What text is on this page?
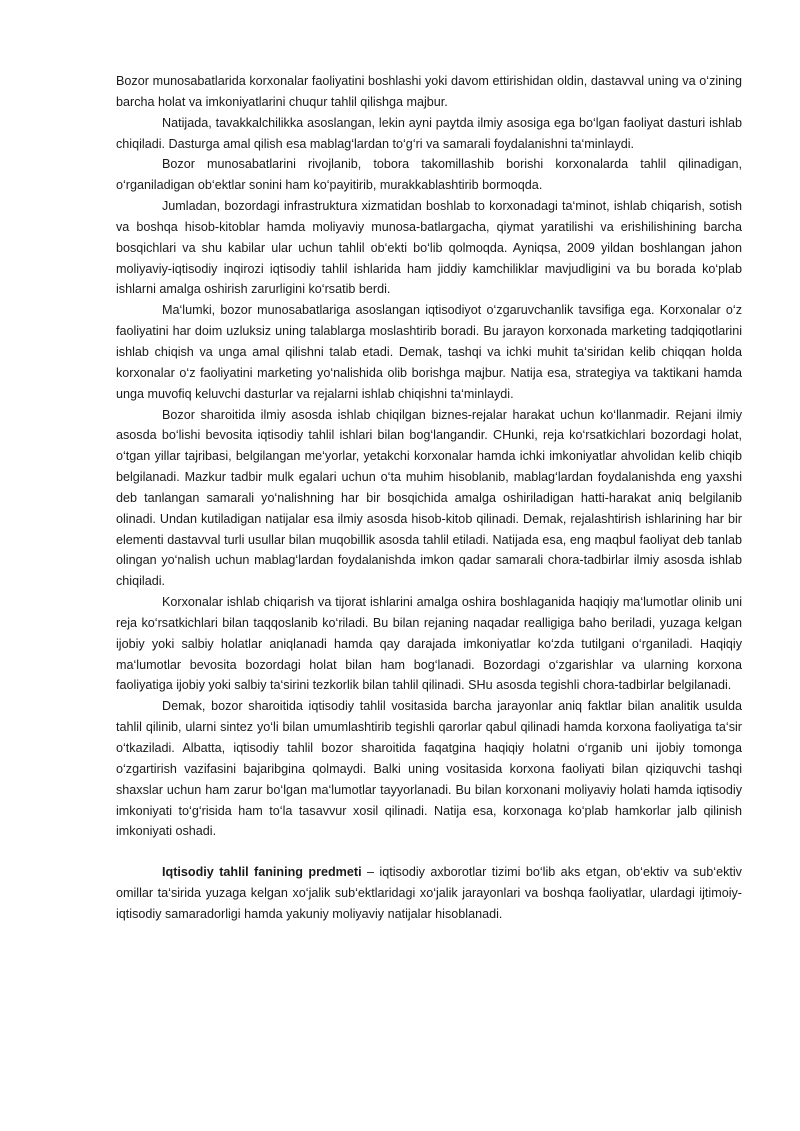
Bozor munosabatlarida korxonalar faoliyatini boshlashi yoki davom ettirishidan oldin, dastavval uning va o‘zining barcha holat va imkoniyatlarini chuqur tahlil qilishga majbur.

Natijada, tavakkalchilikka asoslangan, lekin ayni paytda ilmiy asosiga ega bo‘lgan faoliyat dasturi ishlab chiqiladi. Dasturga amal qilish esa mablag‘lardan to‘g‘ri va samarali foydalanishni ta‘minlaydi.

Bozor munosabatlarini rivojlanib, tobora takomillashib borishi korxonalarda tahlil qilinadigan, o‘rganiladigan ob‘ektlar sonini ham ko‘payitirib, murakkablashtirib bormoqda.

Jumladan, bozordagi infrastruktura xizmatidan boshlab to korxonadagi ta‘minot, ishlab chiqarish, sotish va boshqa hisob-kitoblar hamda moliyaviy munosa-batlargacha, qiymat yaratilishi va erishilishining barcha bosqichlari va shu kabilar ular uchun tahlil ob‘ekti bo‘lib qolmoqda. Ayniqsa, 2009 yildan boshlangan jahon moliyaviy-iqtisodiy inqirozi iqtisodiy tahlil ishlarida ham jiddiy kamchiliklar mavjudligini va bu borada ko‘plab ishlarni amalga oshirish zarurligini ko‘rsatib berdi.

Ma‘lumki, bozor munosabatlariga asoslangan iqtisodiyot o‘zgaruvchanlik tavsifiga ega. Korxonalar o‘z faoliyatini har doim uzluksiz uning talablarga moslashtirib boradi. Bu jarayon korxonada marketing tadqiqotlarini ishlab chiqish va unga amal qilishni talab etadi. Demak, tashqi va ichki muhit ta‘siridan kelib chiqqan holda korxonalar o‘z faoliyatini marketing yo‘nalishida olib borishga majbur. Natija esa, strategiya va taktikani hamda unga muvofiq keluvchi dasturlar va rejalarni ishlab chiqishni ta‘minlaydi.

Bozor sharoitida ilmiy asosda ishlab chiqilgan biznes-rejalar harakat uchun ko‘llanmadir. Rejani ilmiy asosda bo‘lishi bevosita iqtisodiy tahlil ishlari bilan bog‘langandir. CHunki, reja ko‘rsatkichlari bozordagi holat, o‘tgan yillar tajribasi, belgilangan me‘yorlar, yetakchi korxonalar hamda ichki imkoniyatlar ahvolidan kelib chiqib belgilanadi. Mazkur tadbir mulk egalari uchun o‘ta muhim hisoblanib, mablag‘lardan foydalanishda eng yaxshi deb tanlangan samarali yo‘nalishning har bir bosqichida amalga oshiriladigan hatti-harakat aniq belgilanib olinadi. Undan kutiladigan natijalar esa ilmiy asosda hisob-kitob qilinadi. Demak, rejalashtirish ishlarining har bir elementi dastavval turli usullar bilan muqobillik asosda tahlil etiladi. Natijada esa, eng maqbul faoliyat deb tanlab olingan yo‘nalish uchun mablag‘lardan foydalanishda imkon qadar samarali chora-tadbirlar ilmiy asosda ishlab chiqiladi.

Korxonalar ishlab chiqarish va tijorat ishlarini amalga oshira boshlaganida haqiqiy ma‘lumotlar olinib uni reja ko‘rsatkichlari bilan taqqoslanib ko‘riladi. Bu bilan rejaning naqadar realligiga baho beriladi, yuzaga kelgan ijobiy yoki salbiy holatlar aniqlanadi hamda qay darajada imkoniyatlar ko‘zda tutilgani o‘rganiladi. Haqiqiy ma‘lumotlar bevosita bozordagi holat bilan ham bog‘lanadi. Bozordagi o‘zgarishlar va ularning korxona faoliyatiga ijobiy yoki salbiy ta‘sirini tezkorlik bilan tahlil qilinadi. SHu asosda tegishli chora-tadbirlar belgilanadi.

Demak, bozor sharoitida iqtisodiy tahlil vositasida barcha jarayonlar aniq faktlar bilan analitik usulda tahlil qilinib, ularni sintez yo‘li bilan umumlashtirib tegishli qarorlar qabul qilinadi hamda korxona faoliyatiga ta‘sir o‘tkaziladi. Albatta, iqtisodiy tahlil bozor sharoitida faqatgina haqiqiy holatni o‘rganib uni ijobiy tomonga o‘zgartirish vazifasini bajaribgina qolmaydi. Balki uning vositasida korxona faoliyati bilan qiziquvchi tashqi shaxslar uchun ham zarur bo‘lgan ma‘lumotlar tayyorlanadi. Bu bilan korxonani moliyaviy holati hamda iqtisodiy imkoniyati to‘g‘risida ham to‘la tasavvur xosil qilinadi. Natija esa, korxonaga ko‘plab hamkorlar jalb qilinish imkoniyati oshadi.

Iqtisodiy tahlil fanining predmeti – iqtisodiy axborotlar tizimi bo‘lib aks etgan, ob‘ektiv va sub‘ektiv omillar ta‘sirida yuzaga kelgan xo‘jalik sub‘ektlaridagi xo‘jalik jarayonlari va boshqa faoliyatlar, ulardagi ijtimoiy-iqtisodiy samaradorligi hamda yakuniy moliyaviy natijalar hisoblanadi.
